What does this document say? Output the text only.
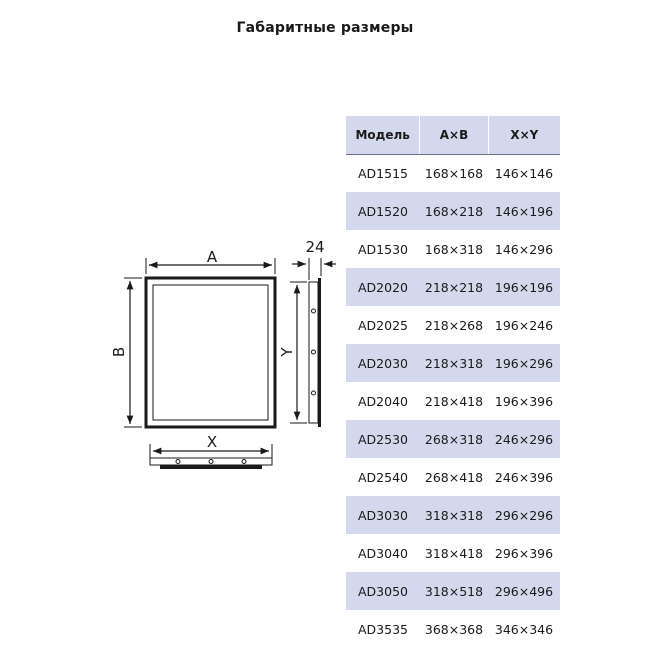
Габаритные размеры
A
B
X
Y
24
Модель	A×B	X×Y
AD1515	168×168 146×146
AD1520	168×218 146×196
AD1530	168×318 146×296
AD2020	218×218 196×196
AD2025	218×268 196×246
AD2030	218×318 196×296
AD2040	218×418 196×396
AD2530	268×318 246×296
AD2540	268×418 246×396
AD3030	318×318 296×296
AD3040	318×418 296×396
AD3050	318×518 296×496
AD3535	368×368 346×346
